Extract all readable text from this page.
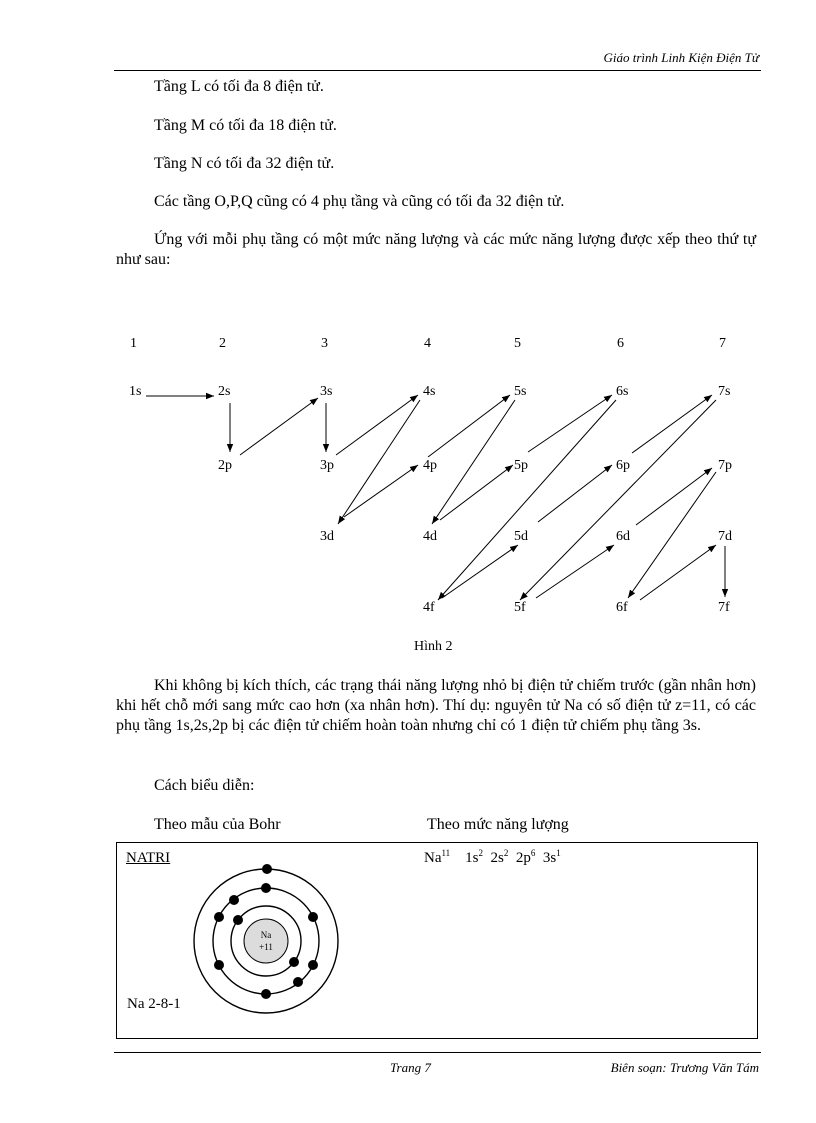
Giáo trình Linh Kiện Điện Tử
Tầng L có tối đa 8 điện tử.
Tầng M có tối đa 18 điện tử.
Tầng N có tối đa 32 điện tử.
Các tầng O,P,Q cũng có 4 phụ tầng và cũng có tối đa 32 điện tử.
Ứng với mỗi phụ tầng có một mức năng lượng và các mức năng lượng được xếp theo thứ tự như sau:
1	2	3	4	5	6	7
1s	2s	3s	4s	5s	6s	7s
2p	3p	4p	5p	6p	7p
3d	4d	5d	6d	7d
4f	5f	6f	7f
Hình 2
Khi không bị kích thích, các trạng thái năng lượng nhỏ bị điện tử chiếm trước (gần nhân hơn) khi hết chỗ mới sang mức cao hơn (xa nhân hơn). Thí dụ: nguyên tử Na có số điện tử z=11, có các phụ tầng 1s,2s,2p bị các điện tử chiếm hoàn toàn nhưng chỉ có 1 điện tử chiếm phụ tầng 3s.
Cách biểu diễn:
Theo mẫu của Bohr	Theo mức năng lượng
NATRI
Na
+11
Na 2-8-1
Na$^{11}$ $1s^2$ $2s^2$ $2p^6$ $3s^1$
Trang 7	Biên soạn: Trương Văn Tám
